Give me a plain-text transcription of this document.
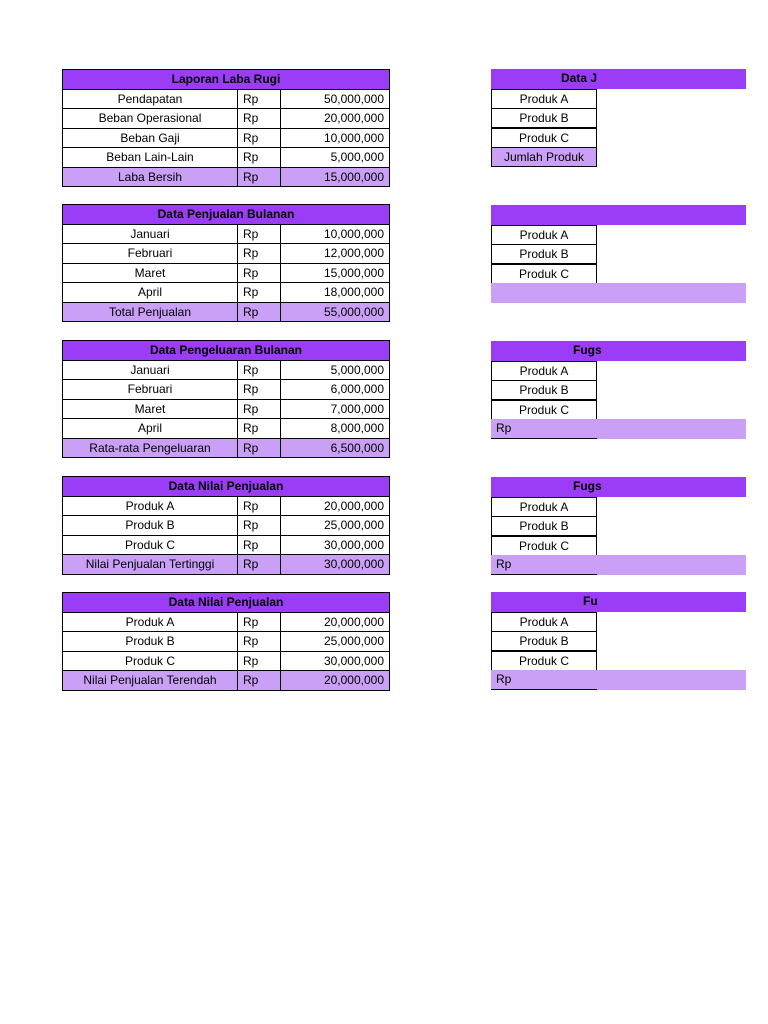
Laporan Laba Rugi		
Pendapatan	Rp	50,000,000
Beban Operasional	Rp	20,000,000
Beban Gaji	Rp	10,000,000
Beban Lain-Lain	Rp	5,000,000
Laba Bersih	Rp	15,000,000
Data Penjualan Bulanan		
Januari	Rp	10,000,000
Februari	Rp	12,000,000
Maret	Rp	15,000,000
April	Rp	18,000,000
Total Penjualan	Rp	55,000,000
Data Pengeluaran Bulanan		
Januari	Rp	5,000,000
Februari	Rp	6,000,000
Maret	Rp	7,000,000
April	Rp	8,000,000
Rata-rata Pengeluaran	Rp	6,500,000
Data Nilai Penjualan		
Produk A	Rp	20,000,000
Produk B	Rp	25,000,000
Produk C	Rp	30,000,000
Nilai Penjualan Tertinggi	Rp	30,000,000
Data Nilai Penjualan		
Produk A	Rp	20,000,000
Produk B	Rp	25,000,000
Produk C	Rp	30,000,000
Nilai Penjualan Terendah	Rp	20,000,000
Data J
Produk A
Produk B
Produk C
Jumlah Produk
Produk A
Produk B
Produk C
Fugs
Produk A
Produk B
Produk C
Rp
Fugs
Produk A
Produk B
Produk C
Rp
Fu
Produk A
Produk B
Produk C
Rp
